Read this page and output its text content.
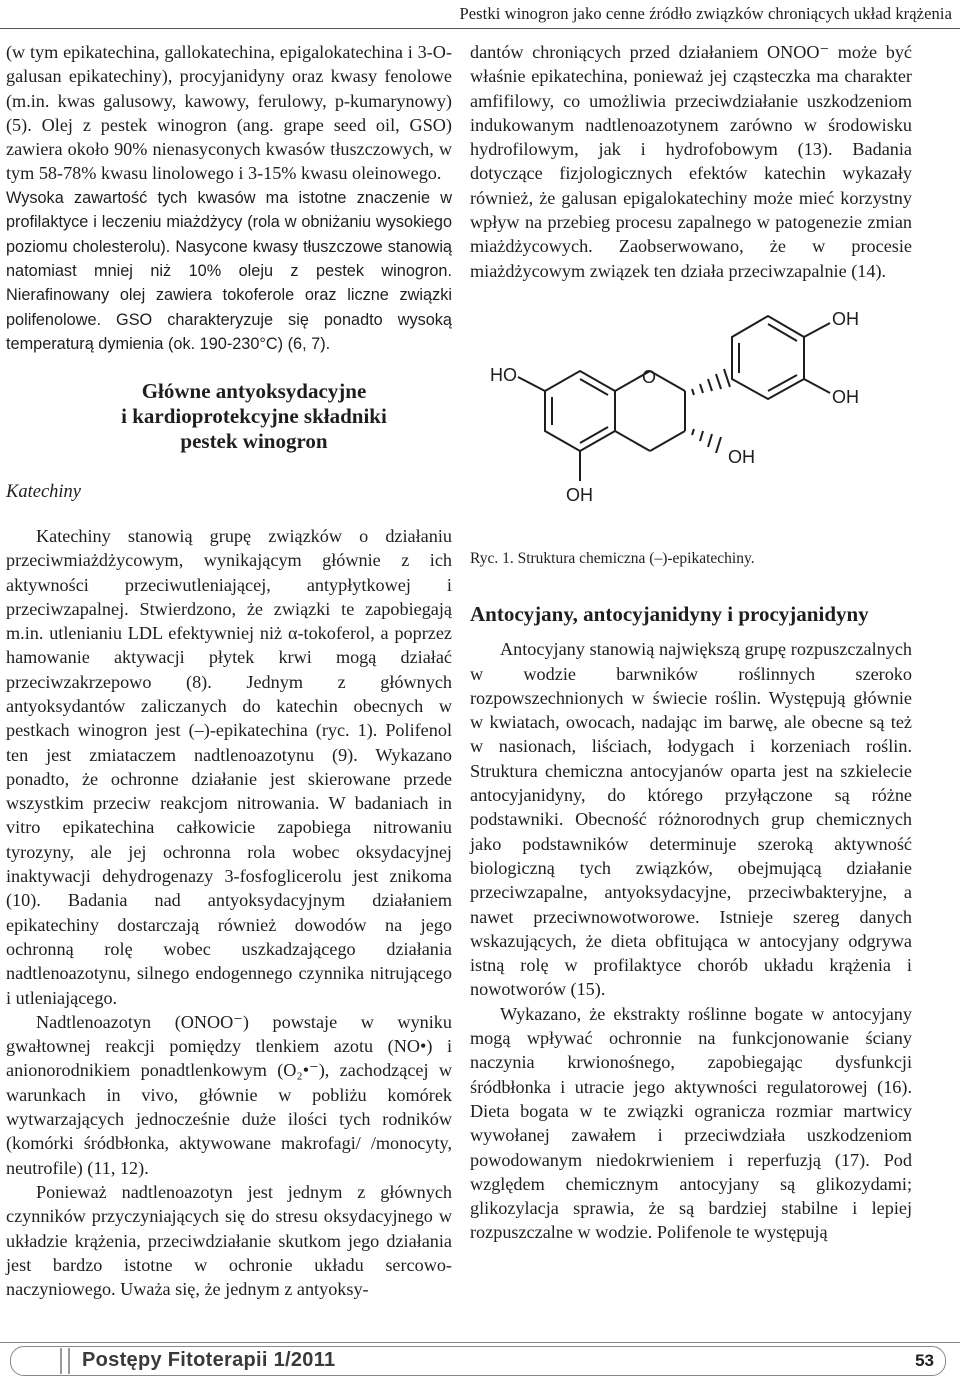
Pestki winogron jako cenne źródło związków chroniących układ krążenia

(w tym epikatechina, gallokatechina, epigalokatechina i 3-O-galusan epikatechiny), procyjanidyny oraz kwasy fenolowe (m.in. kwas galusowy, kawowy, ferulowy, p-kumarynowy) (5). Olej z pestek winogron (ang. grape seed oil, GSO) zawiera około 90% nienasyconych kwasów tłuszczowych, w tym 58-78% kwasu linolowego i 3-15% kwasu oleinowego.

Wysoka zawartość tych kwasów ma istotne znaczenie w profilaktyce i leczeniu miażdżycy (rola w obniżaniu wysokiego poziomu cholesterolu). Nasycone kwasy tłuszczowe stanowią natomiast mniej niż 10% oleju z pestek winogron. Nierafinowany olej zawiera tokoferole oraz liczne związki polifenolowe. GSO charakteryzuje się ponadto wysoką temperaturą dymienia (ok. 190-230°C) (6, 7).

Główne antyoksydacyjne
i kardioprotekcyjne składniki
pestek winogron
Katechiny

Katechiny stanowią grupę związków o działaniu przeciwmiażdżycowym, wynikającym głównie z ich aktywności przeciwutleniającej, antypłytkowej i przeciwzapalnej. Stwierdzono, że związki te zapobiegają m.in. utlenianiu LDL efektywniej niż α-tokoferol, a poprzez hamowanie aktywacji płytek krwi mogą działać przeciwzakrzepowo (8). Jednym z głównych antyoksydantów zaliczanych do katechin obecnych w pestkach winogron jest (–)-epikatechina (ryc. 1). Polifenol ten jest zmiataczem nadtlenoazotynu (9). Wykazano ponadto, że ochronne działanie jest skierowane przede wszystkim przeciw reakcjom nitrowania. W badaniach in vitro epikatechina całkowicie zapobiega nitrowaniu tyrozyny, ale jej ochronna rola wobec oksydacyjnej inaktywacji dehydrogenazy 3-fosfoglicerolu jest znikoma (10). Badania nad antyoksydacyjnym działaniem epikatechiny dostarczają również dowodów na jego ochronną rolę wobec uszkadzającego działania nadtlenoazotynu, silnego endogennego czynnika nitrującego i utleniającego.

Nadtlenoazotyn (ONOO⁻) powstaje w wyniku gwałtownej reakcji pomiędzy tlenkiem azotu (NO•) i anionorodnikiem ponadtlenkowym (O₂•⁻), zachodzącej w warunkach in vivo, głównie w pobliżu komórek wytwarzających jednocześnie duże ilości tych rodników (komórki śródbłonka, aktywowane makrofagi/ /monocyty, neutrofile) (11, 12).

Ponieważ nadtlenoazotyn jest jednym z głównych czynników przyczyniających się do stresu oksydacyjnego w układzie krążenia, przeciwdziałanie skutkom jego działania jest bardzo istotne w ochronie układu sercowo-naczyniowego. Uważa się, że jednym z antyoksy-

dantów chroniących przed działaniem ONOO⁻ może być właśnie epikatechina, ponieważ jej cząsteczka ma charakter amfifilowy, co umożliwia przeciwdziałanie uszkodzeniom indukowanym nadtlenoazotynem zarówno w środowisku hydrofilowym, jak i hydrofobowym (13). Badania dotyczące fizjologicznych efektów katechin wykazały również, że galusan epigalokatechiny może mieć korzystny wpływ na przebieg procesu zapalnego w patogenezie zmian miażdżycowych. Zaobserwowano, że w procesie miażdżycowym związek ten działa przeciwzapalnie (14).

HO	O
OH
OH
OH
OH
Ryc. 1. Struktura chemiczna (–)-epikatechiny.
Antocyjany, antocyjanidyny i procyjanidyny

Antocyjany stanowią największą grupę rozpuszczalnych w wodzie barwników roślinnych szeroko rozpowszechnionych w świecie roślin. Występują głównie w kwiatach, owocach, nadając im barwę, ale obecne są też w nasionach, liściach, łodygach i korzeniach roślin. Struktura chemiczna antocyjanów oparta jest na szkielecie antocyjanidyny, do którego przyłączone są różne podstawniki. Obecność różnorodnych grup chemicznych jako podstawników determinuje szeroką aktywność biologiczną tych związków, obejmującą działanie przeciwzapalne, antyoksydacyjne, przeciwbakteryjne, a nawet przeciwnowotworowe. Istnieje szereg danych wskazujących, że dieta obfitująca w antocyjany odgrywa istną rolę w profilaktyce chorób układu krążenia i nowotworów (15).

Wykazano, że ekstrakty roślinne bogate w antocyjany mogą wpływać ochronnie na funkcjonowanie ściany naczynia krwionośnego, zapobiegając dysfunkcji śródbłonka i utracie jego aktywności regulatorowej (16). Dieta bogata w te związki ogranicza rozmiar martwicy wywołanej zawałem i przeciwdziała uszkodzeniom powodowanym niedokrwieniem i reperfuzją (17). Pod względem chemicznym antocyjany są glikozydami; glikozylacja sprawia, że są bardziej stabilne i lepiej rozpuszczalne w wodzie. Polifenole te występują

Postępy Fitoterapii 1/2011	53
